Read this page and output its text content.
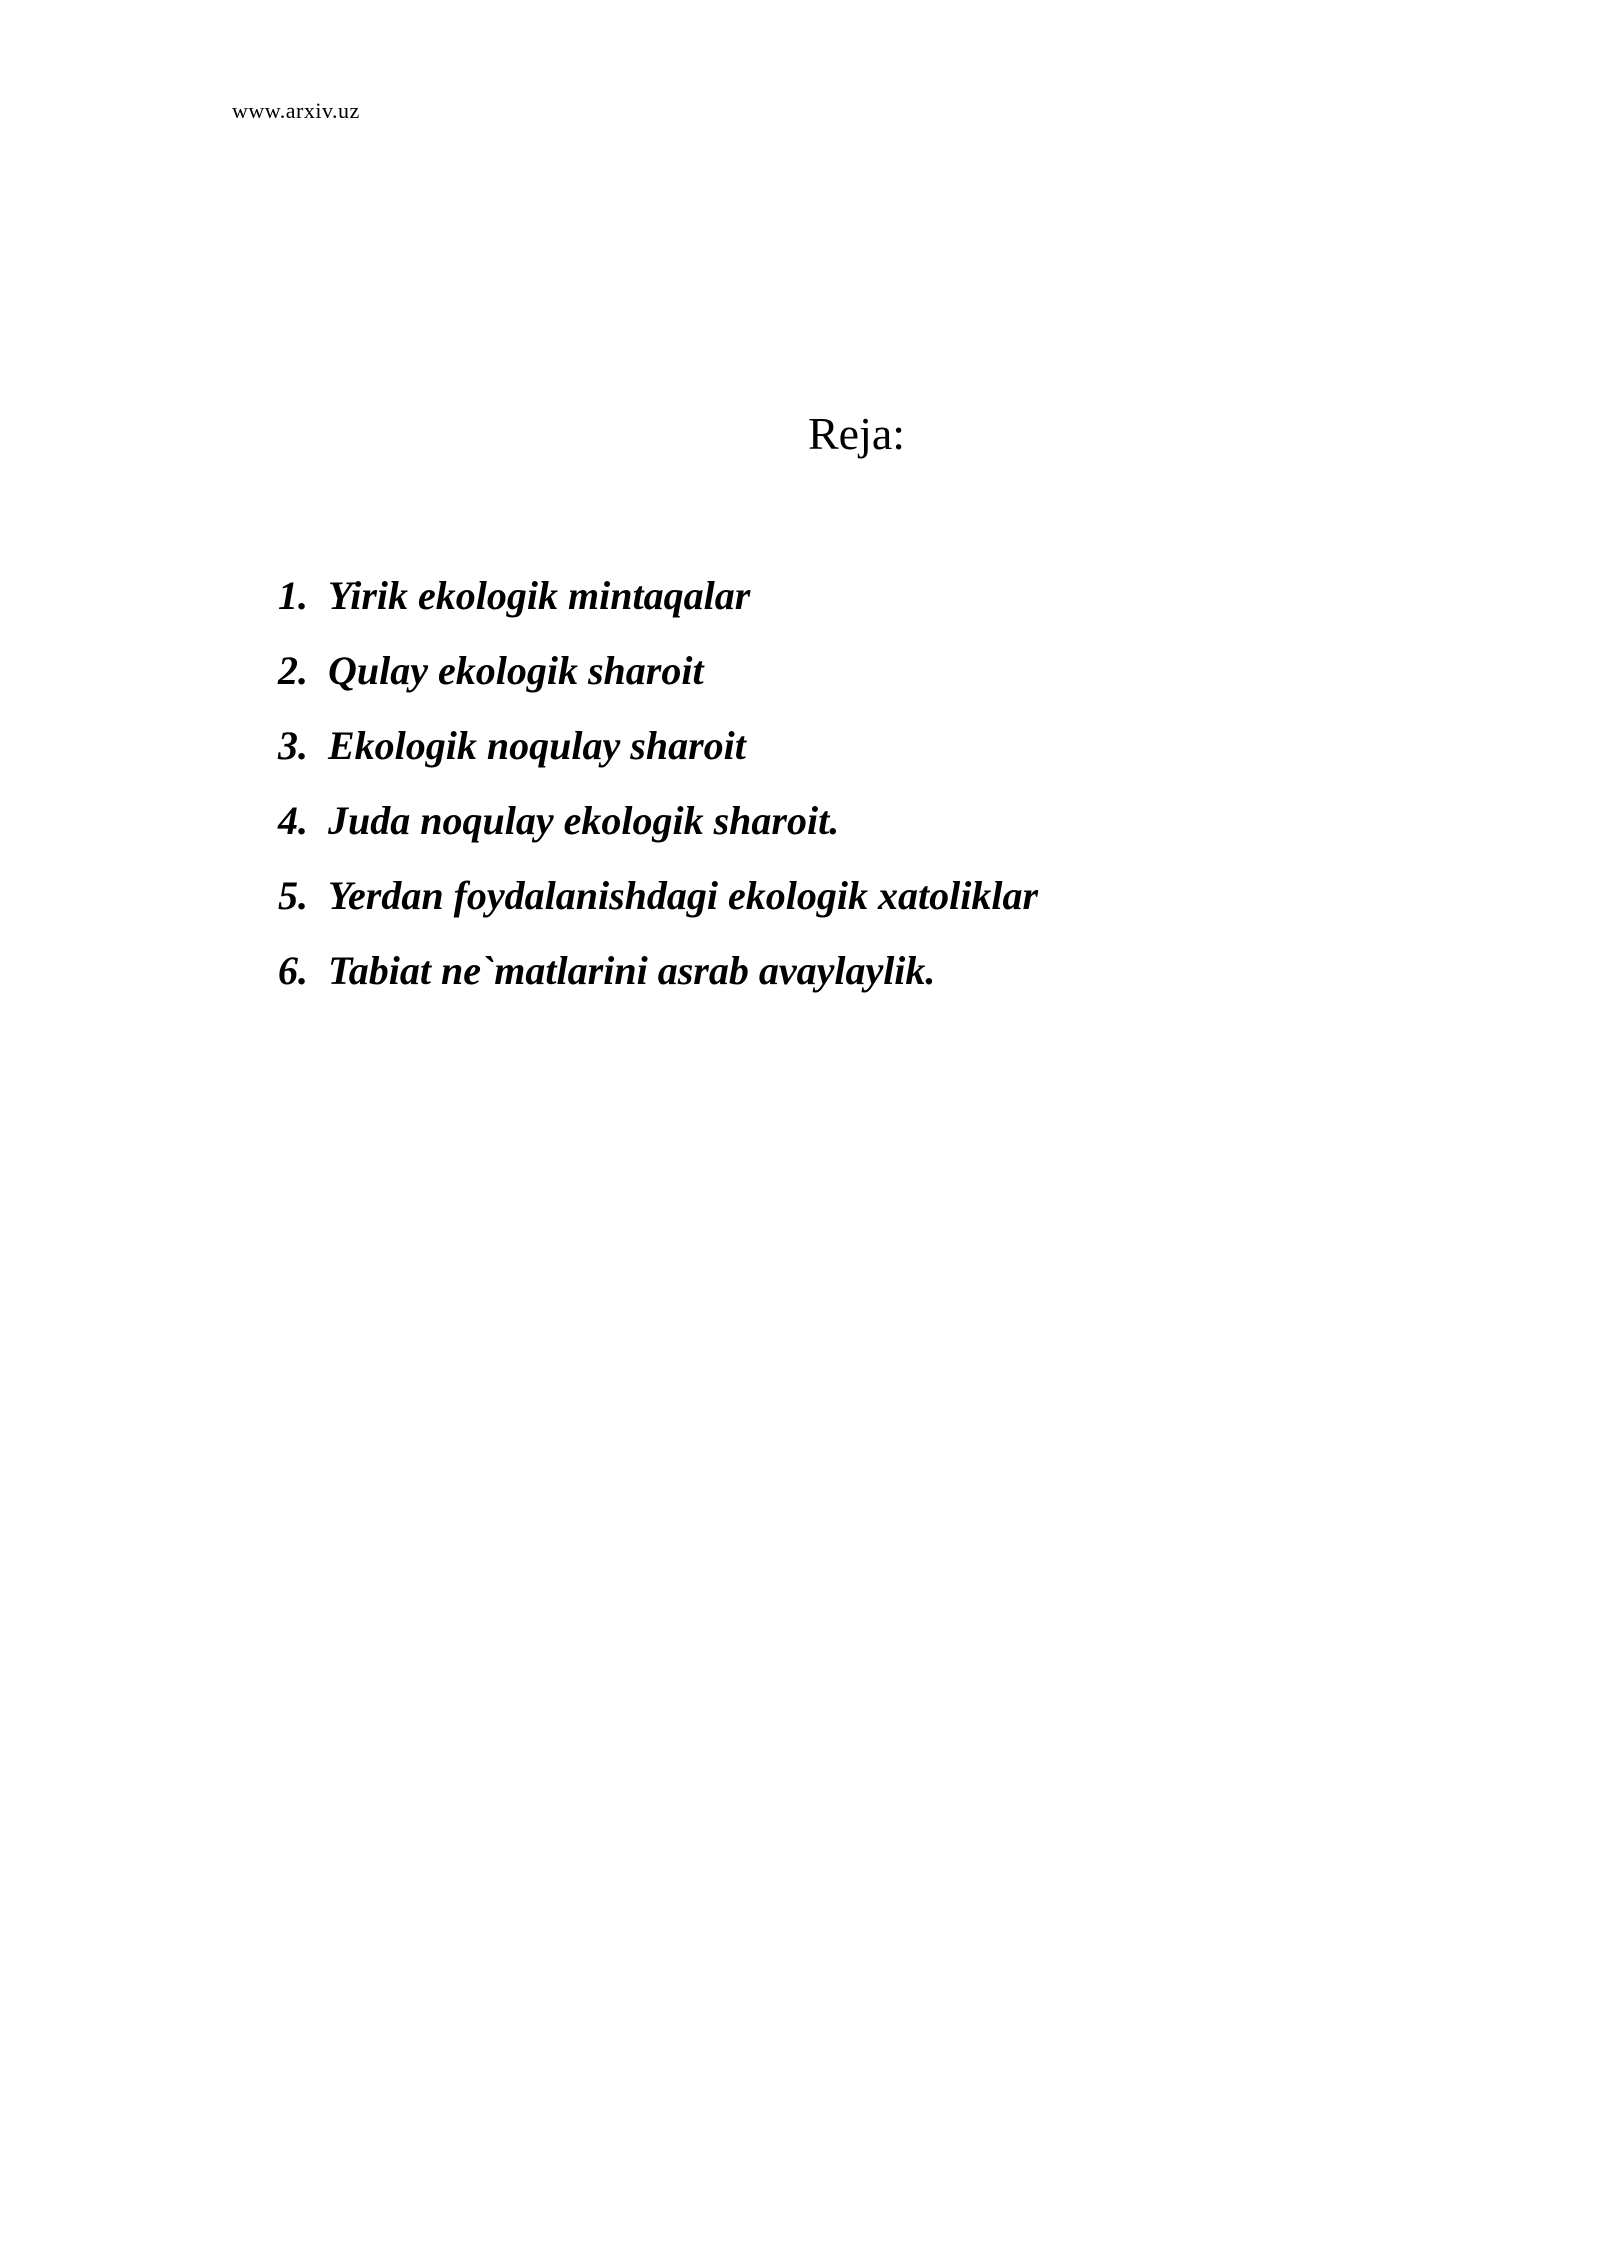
www.arxiv.uz
Reja:
1. Yirik ekologik mintaqalar
2. Qulay ekologik sharoit
3. Ekologik noqulay sharoit
4. Juda noqulay ekologik sharoit.
5. Yerdan foydalanishdagi ekologik xatoliklar
6. Tabiat ne`matlarini asrab avaylaylik.
